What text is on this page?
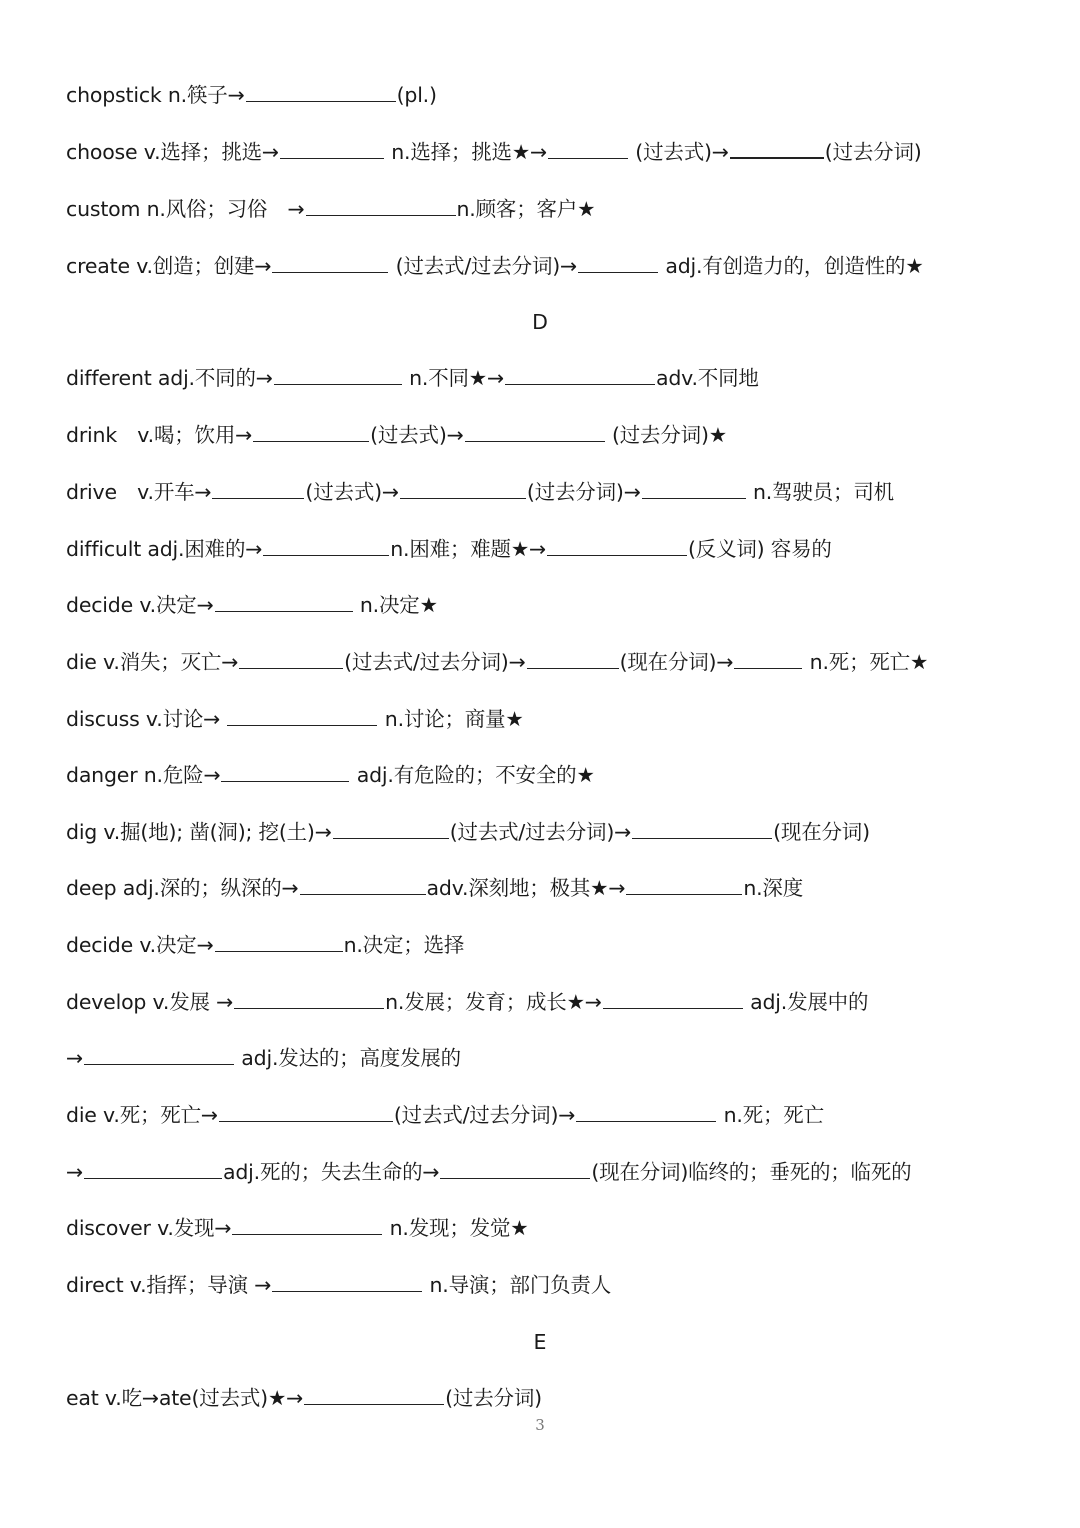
chopstick n.筷子→	(pl.)
choose v.选择；挑选→	n.选择；挑选★→	(过去式)→	(过去分词)
custom n.风俗；习俗　→	n.顾客；客户★
create v.创造；创建→	(过去式/过去分词)→	adj.有创造力的，创造性的★
D
different adj.不同的→	n.不同★→	adv.不同地
drink　v.喝；饮用→	(过去式)→	(过去分词)★
drive　v.开车→	(过去式)→	(过去分词)→	n.驾驶员；司机
difficult adj.困难的→	n.困难；难题★→	(反义词) 容易的
decide v.决定→	n.决定★
die v.消失；灭亡→	(过去式/过去分词)→	(现在分词)→	n.死；死亡★
discuss v.讨论→	n.讨论；商量★
danger n.危险→	adj.有危险的；不安全的★
dig v.掘(地); 凿(洞); 挖(土)→	(过去式/过去分词)→	(现在分词)
deep adj.深的；纵深的→	adv.深刻地；极其★→	n.深度
decide v.决定→	n.决定；选择
develop v.发展 →	n.发展；发育；成长★→	adj.发展中的
→	adj.发达的；高度发展的
die v.死；死亡→	(过去式/过去分词)→	n.死；死亡
→	adj.死的；失去生命的→	(现在分词)临终的；垂死的；临死的
discover v.发现→	n.发现；发觉★
direct v.指挥；导演 →	n.导演；部门负责人
E
eat v.吃→ate(过去式)★→	(过去分词)
3
